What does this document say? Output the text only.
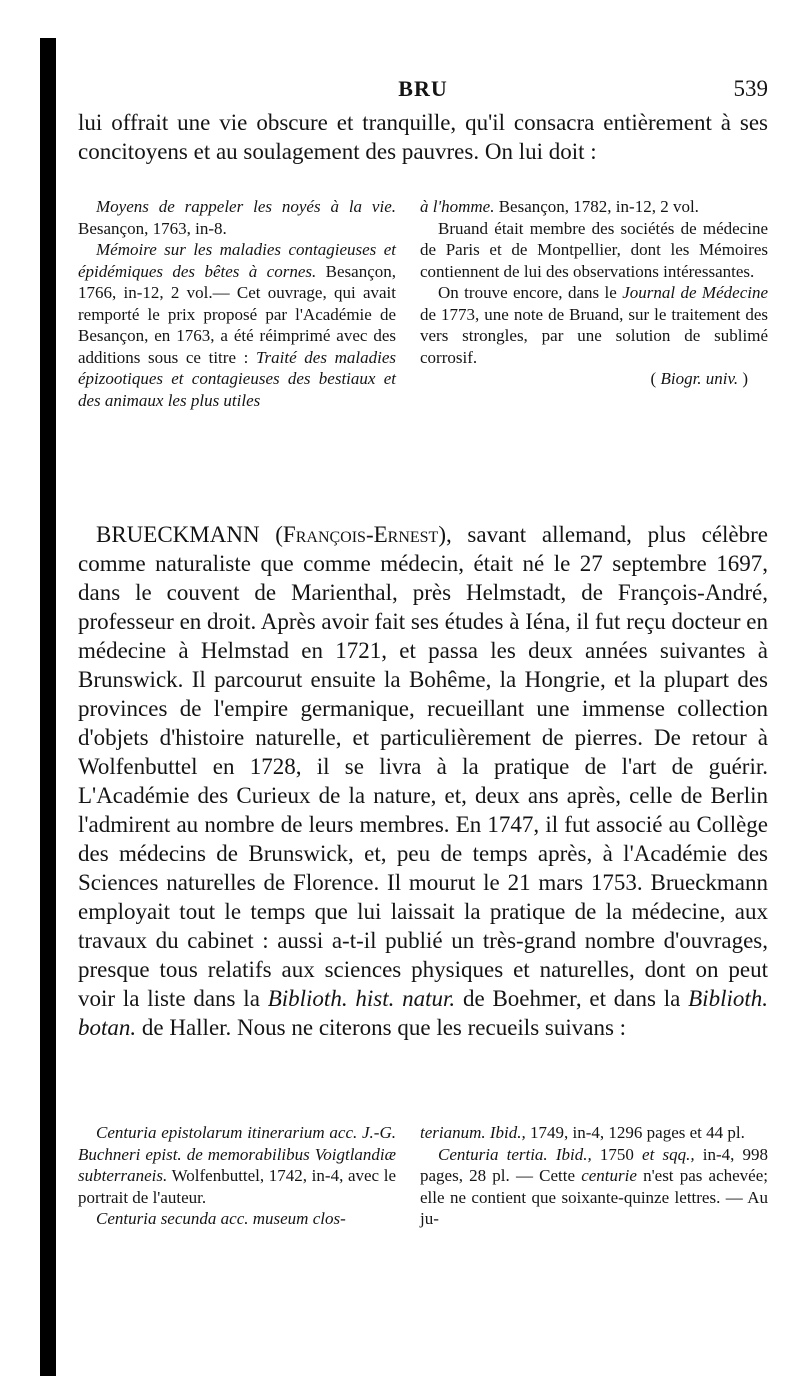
BRU	539

lui offrait une vie obscure et tranquille, qu'il consacra entièrement à ses concitoyens et au soulagement des pauvres. On lui doit :

Moyens de rappeler les noyés à la vie. Besançon, 1763, in-8.

Mémoire sur les maladies contagieuses et épidémiques des bêtes à cornes. Besançon, 1766, in-12, 2 vol.— Cet ouvrage, qui avait remporté le prix proposé par l'Académie de Besançon, en 1763, a été réimprimé avec des additions sous ce titre : Traité des maladies épizootiques et contagieuses des bestiaux et des animaux les plus utiles

à l'homme. Besançon, 1782, in-12, 2 vol.

Bruand était membre des sociétés de médecine de Paris et de Montpellier, dont les Mémoires contiennent de lui des observations intéressantes.

On trouve encore, dans le Journal de Médecine de 1773, une note de Bruand, sur le traitement des vers strongles, par une solution de sublimé corrosif.

( Biogr. univ. )

BRUECKMANN (François-Ernest), savant allemand, plus célèbre comme naturaliste que comme médecin, était né le 27 septembre 1697, dans le couvent de Marienthal, près Helmstadt, de François-André, professeur en droit. Après avoir fait ses études à Iéna, il fut reçu docteur en médecine à Helmstad en 1721, et passa les deux années suivantes à Brunswick. Il parcourut ensuite la Bohême, la Hongrie, et la plupart des provinces de l'empire germanique, recueillant une immense collection d'objets d'histoire naturelle, et particulièrement de pierres. De retour à Wolfenbuttel en 1728, il se livra à la pratique de l'art de guérir. L'Académie des Curieux de la nature, et, deux ans après, celle de Berlin l'admirent au nombre de leurs membres. En 1747, il fut associé au Collège des médecins de Brunswick, et, peu de temps après, à l'Académie des Sciences naturelles de Florence. Il mourut le 21 mars 1753. Brueckmann employait tout le temps que lui laissait la pratique de la médecine, aux travaux du cabinet : aussi a-t-il publié un très-grand nombre d'ouvrages, presque tous relatifs aux sciences physiques et naturelles, dont on peut voir la liste dans la Biblioth. hist. natur. de Boehmer, et dans la Biblioth. botan. de Haller. Nous ne citerons que les recueils suivans :

Centuria epistolarum itinerarium acc. J.-G. Buchneri epist. de memorabilibus Voigtlandiæ subterraneis. Wolfenbuttel, 1742, in-4, avec le portrait de l'auteur.

Centuria secunda acc. museum clos-

terianum. Ibid., 1749, in-4, 1296 pages et 44 pl.

Centuria tertia. Ibid., 1750 et sqq., in-4, 998 pages, 28 pl. — Cette centurie n'est pas achevée; elle ne contient que soixante-quinze lettres. — Au ju-
